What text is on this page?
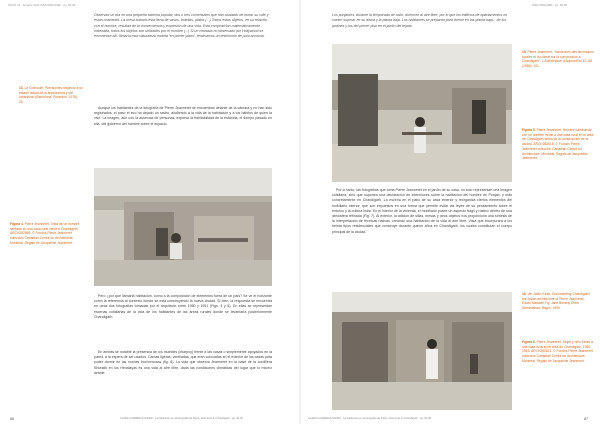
SIGLO 21 · Anuario 2023 ISSN 0000-0000 · pp. 00-00
Observad un día en una pequeña taberna popular, dos o tres comensales que han acabado de tomar su café y están charlando. La mesa todavía está llena de vasos, botellas, platos (...) Todos estos objetos, en su relación con el hombre, resultan de la consecuencia y expresión de una vida. Esta composición matemáticamente ordenada, todos los objetos son utilizados por el hombre (...) Si un cineasta no observado por Hollywood se encontrase allí, filmaría esta naturaleza muerta 'en primer plano', tendríamos un testimonio de pura armonía.
13. Le Corbusier, Precisiones respecto a un estado actual de la arquitectura y del urbanismo (Barcelona: Poseidón, 1978), 25.

Aunque los habitantes de la fotografía de Pierre Jeanneret se encuentran delante de la cámara y no han sido registrados, el paso el eco ha dejado un rastro, aludiendo a la vida de la habitación y a los hábitos de quien la vive. La imagen, aún con la ausencia de personas, expresa la habitabilidad de la estancia, el tiempo pasado en ella, del gobierno del hombre sobre el espacio.

Figura 4. Pierre Jeanneret. Vista de un hombre sentado en una casa rural cerca a Chandigarh. ARCH282965. © Fondos Pierre Jeanneret colección Canadian Centre for Architecture, Montreal. Regalo de Jacqueline Jeanneret.

Pero ¿por qué llamarla habitación, como a la composición de elementos fuera de un país? Se ve el horizonte como la referencia al contexto donde se está construyendo la nueva ciudad. Si bien, la respuesta se encuentra en otras dos fotografías tomadas por el arquitecto entre 1950 y 1951 (Figs. 4 y 5). En ellas se representan escenas cotidianas de la vida de los habitantes de las áreas rurales donde se levantaría posteriormente Chandigarh.

En ambas se notable la presencia de los muebles (charpoy) frente a las casas o simplemente apoyados en la pared, a la espera de ser usados. Camas ligeras, ventiladas, que eran colocadas en el exterior de las casas para poder dormir en las noches bochornosas (fig. 6). La vida que observa Jeanneret en la base de la cordillera Shiwalik en los Himalayas es una vida al aire libre, dada las condiciones climáticas del lugar que lo mismo detalle.

86	CLARA CARDENAS HIDRO · La habitación en la fotografía de Pierre Jeanneret en Chandigarh · pp. 00-00
ISSN 0000-0000 · pp. 00-00
Los punjabíes, durante la temporada de calor, duermen al aire libre, por lo que los edificios de apartamentos no suelen superar en su altura y la planta baja. Los habitantes se preparan para dormir en las planta baja... de los jardines y los del primer piso en el jardín del tejado.
15. Pierre Jeanneret, "Incidences des techniques locales et du climat sur la construction à Chandigarh", L'Architecture d'Aujourd'hui 67–68 (1956): 101.
Figura 5. Pierre Jeanneret. Hombre caminando con un hombre frente a una casa rural en el área de Chandigarh antes de la construcción de la ciudad. ARCH282618. © Fondos Pierre Jeanneret colección Canadian Centre for Architecture, Montreal. Regalo de Jacqueline Jeanneret.

Por lo tanto, las fotografías que toma Pierre Jeanneret en el jardín de su casa, no solo representan una imagen cotidiana, sino que suponen una declaración de intenciones sobre la habitación del hombre en Punjab, y más concretamente en Chandigarh. La escena en el patio de su casa exterior y reorganiza ciertos elementos del mobiliario interior, que son expuestos en una forma que permite evitar las leyes de su pensamiento sobre el entorno y la cultura india. En el interior de la vivienda, el mobiliario posee un aspecto frágil y rústico dentro de una atmósfera refinada (Fig. 7). Al exterior, la adición de sillas, mesas y otros objetos nos proporciona una síntesis de la interpretación de técnicas nativas, creando una habitación de la vida al aire libre. Vista que incorporará a los treinta tipos residenciales que construye durante quince años en Chandigarh, los cuales constituían el cuerpo principal de la ciudad.

16. Ver Jaikil, Kiran. Documenting Chandigarh: the Indian architecture of Pierre Jeanneret, Edwin Maxwell Fry, Jane Beverly Drew. Ahmedabad: Mapin, 1999.
Figura 6. Pierre Jeanneret. Mujer y niño frente a una casa rural en el área de Chandigarh, 1950-1953. ARCH280621. © Fondos Pierre Jeanneret colección Canadian Centre for Architecture, Montreal. Regalo de Jacqueline Jeanneret.
CLARA CARDENAS HIDRO · La habitación en la fotografía de Pierre Jeanneret en Chandigarh · pp. 00-00	87
